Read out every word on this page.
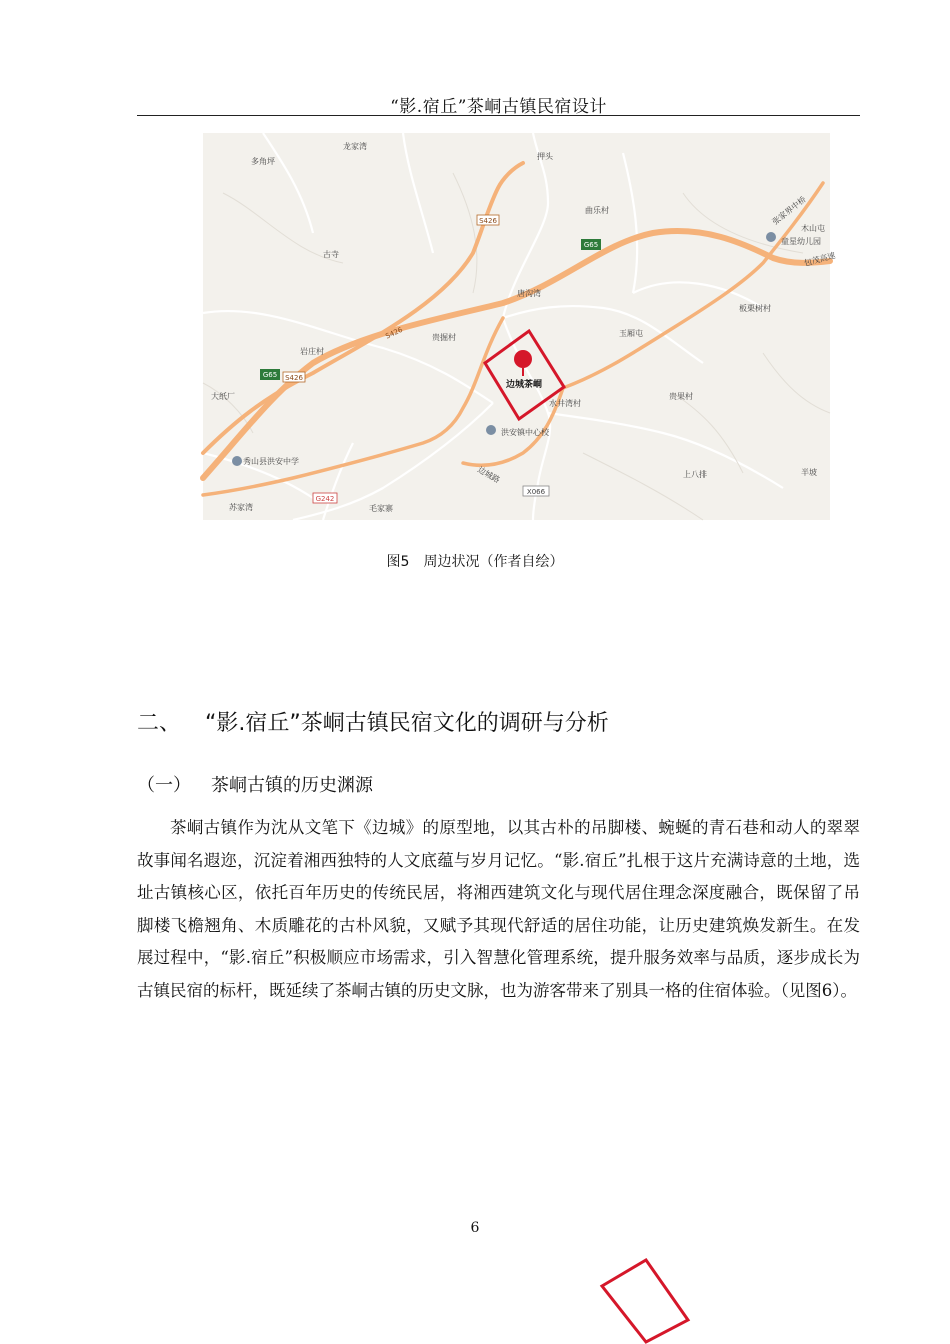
“影.宿丘”茶峒古镇民宿设计
S426
G65
S426
G65 S426
G242
X066
多角坪
龙家湾
押头
曲乐村	张家界中桥
木山屯
童星幼儿园
包茂高速
古寺
唐沟湾
板栗树村
玉厢屯
贵掘村
岩庄村
大纸厂
水井湾村
贵果村
洪安镇中心校
秀山县洪安中学
边城路	上八排	半坡
苏家湾	毛家寨
边城茶峒
图5　周边状况（作者自绘）
二、 “影.宿丘”茶峒古镇民宿文化的调研与分析
（一） 茶峒古镇的历史渊源

茶峒古镇作为沈从文笔下《边城》的原型地，以其古朴的吊脚楼、蜿蜒的青石巷和动人的翠翠故事闻名遐迩，沉淀着湘西独特的人文底蕴与岁月记忆。“影.宿丘”扎根于这片充满诗意的土地，选址古镇核心区，依托百年历史的传统民居，将湘西建筑文化与现代居住理念深度融合，既保留了吊脚楼飞檐翘角、木质雕花的古朴风貌，又赋予其现代舒适的居住功能，让历史建筑焕发新生。在发展过程中，“影.宿丘”积极顺应市场需求，引入智慧化管理系统，提升服务效率与品质，逐步成长为古镇民宿的标杆，既延续了茶峒古镇的历史文脉，也为游客带来了别具一格的住宿体验。（见图6）。

6
